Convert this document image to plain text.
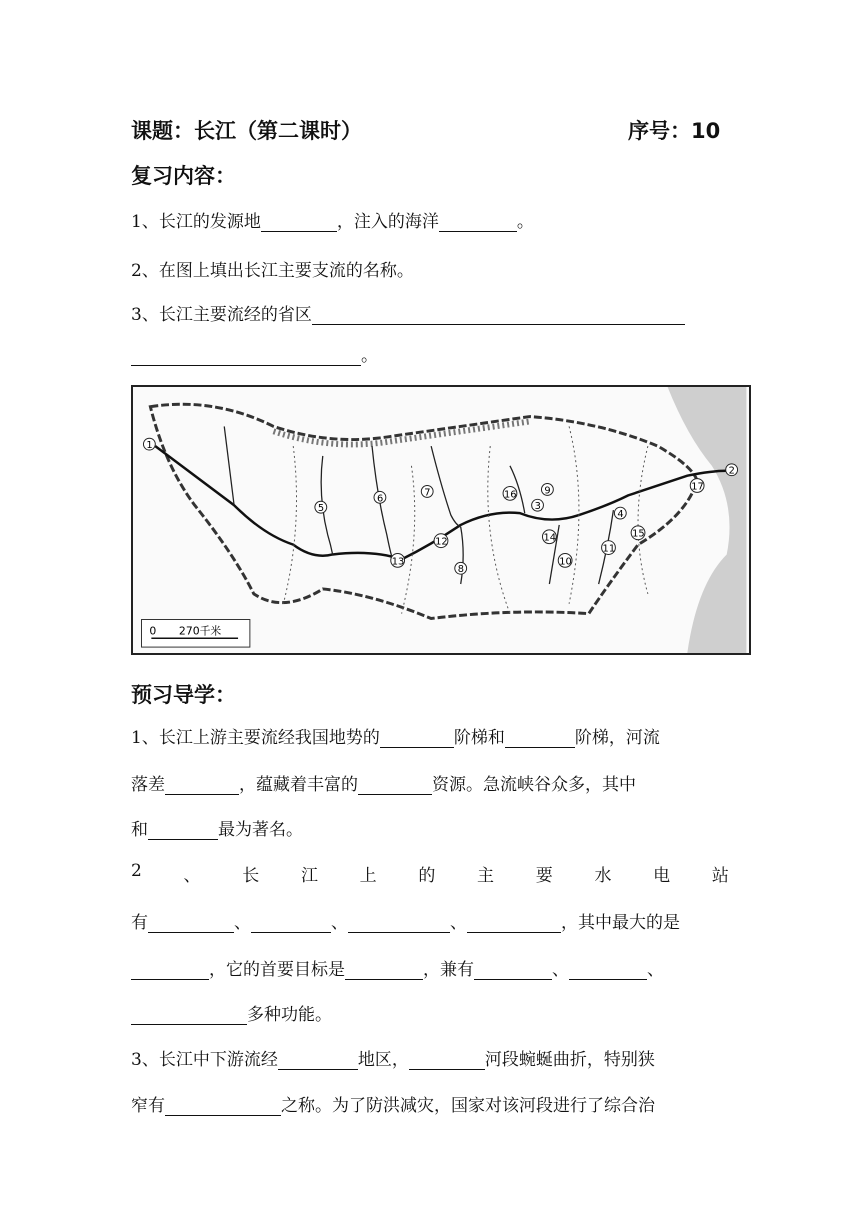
课题：长江（第二课时）	序号：10
复习内容：
1、长江的发源地	，注入的海洋	。
2、在图上填出长江主要支流的名称。
3、长江主要流经的省区
。
1
2
3
4
5
6
7
8
9
10
11
12
13
14	15
16
17
0 270千米
预习导学：
1、长江上游主要流经我国地势的	阶梯和	阶梯，河流
落差	，蕴藏着丰富的	资源。急流峡谷众多，其中
和	最为著名。
2 、 长 江 上 的 主 要 水 电 站
有	、	、	、	，其中最大的是
，它的首要目标是	，兼有	、	、
多种功能。
3、长江中下游流经	地区，	河段蜿蜒曲折，特别狭
窄有	之称。为了防洪减灾，国家对该河段进行了综合治
